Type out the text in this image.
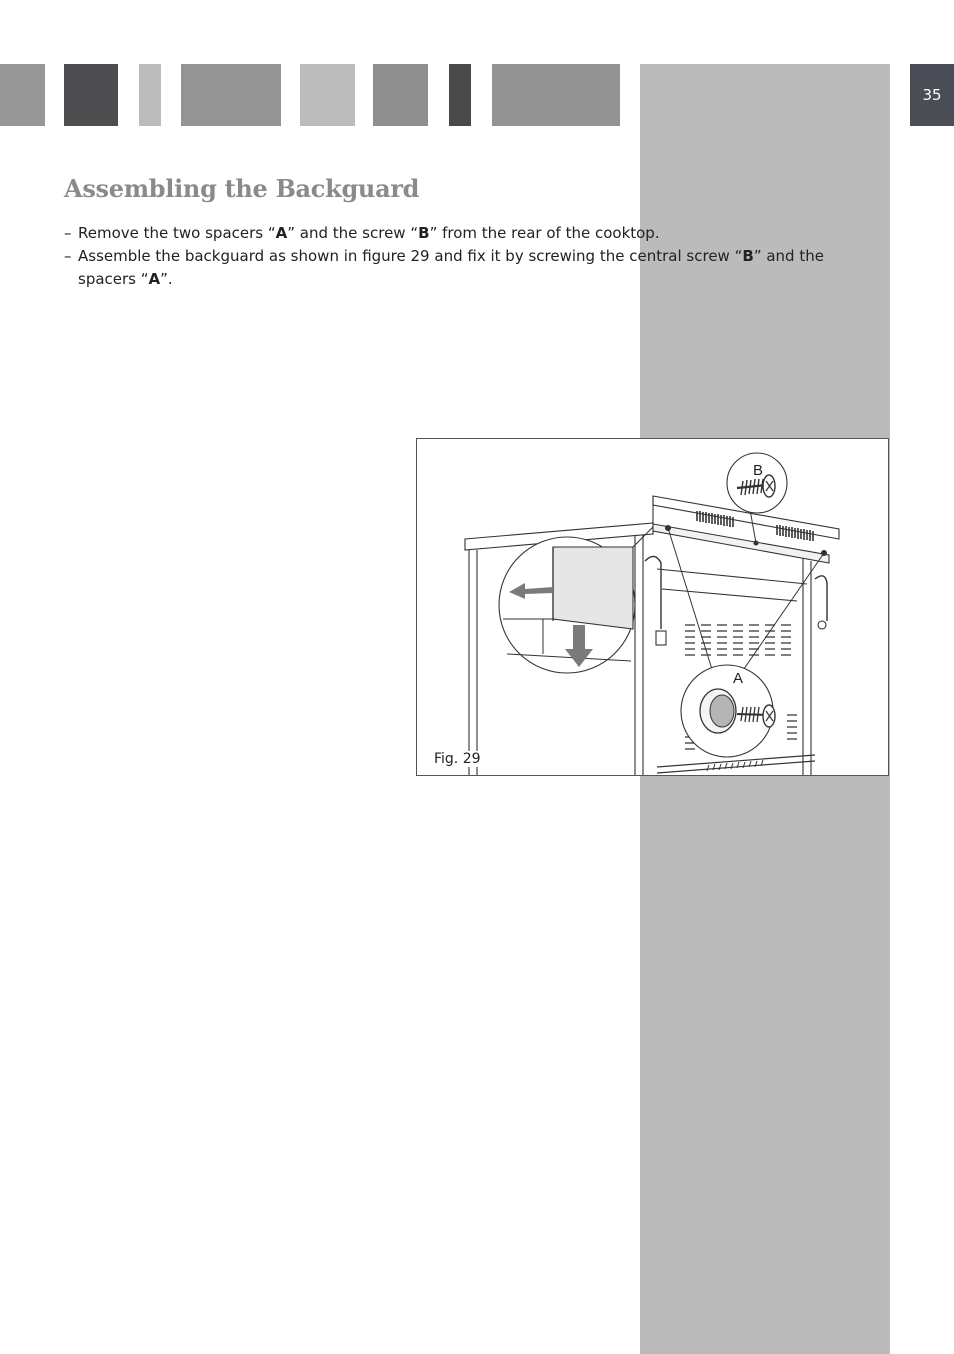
35
Assembling the Backguard
– Remove the two spacers “A” and the screw “B” from the rear of the cooktop.
– Assemble the backguard as shown in figure 29 and fix it by screwing the central screw “B” and the spacers “A”.
B
A
Fig. 29
